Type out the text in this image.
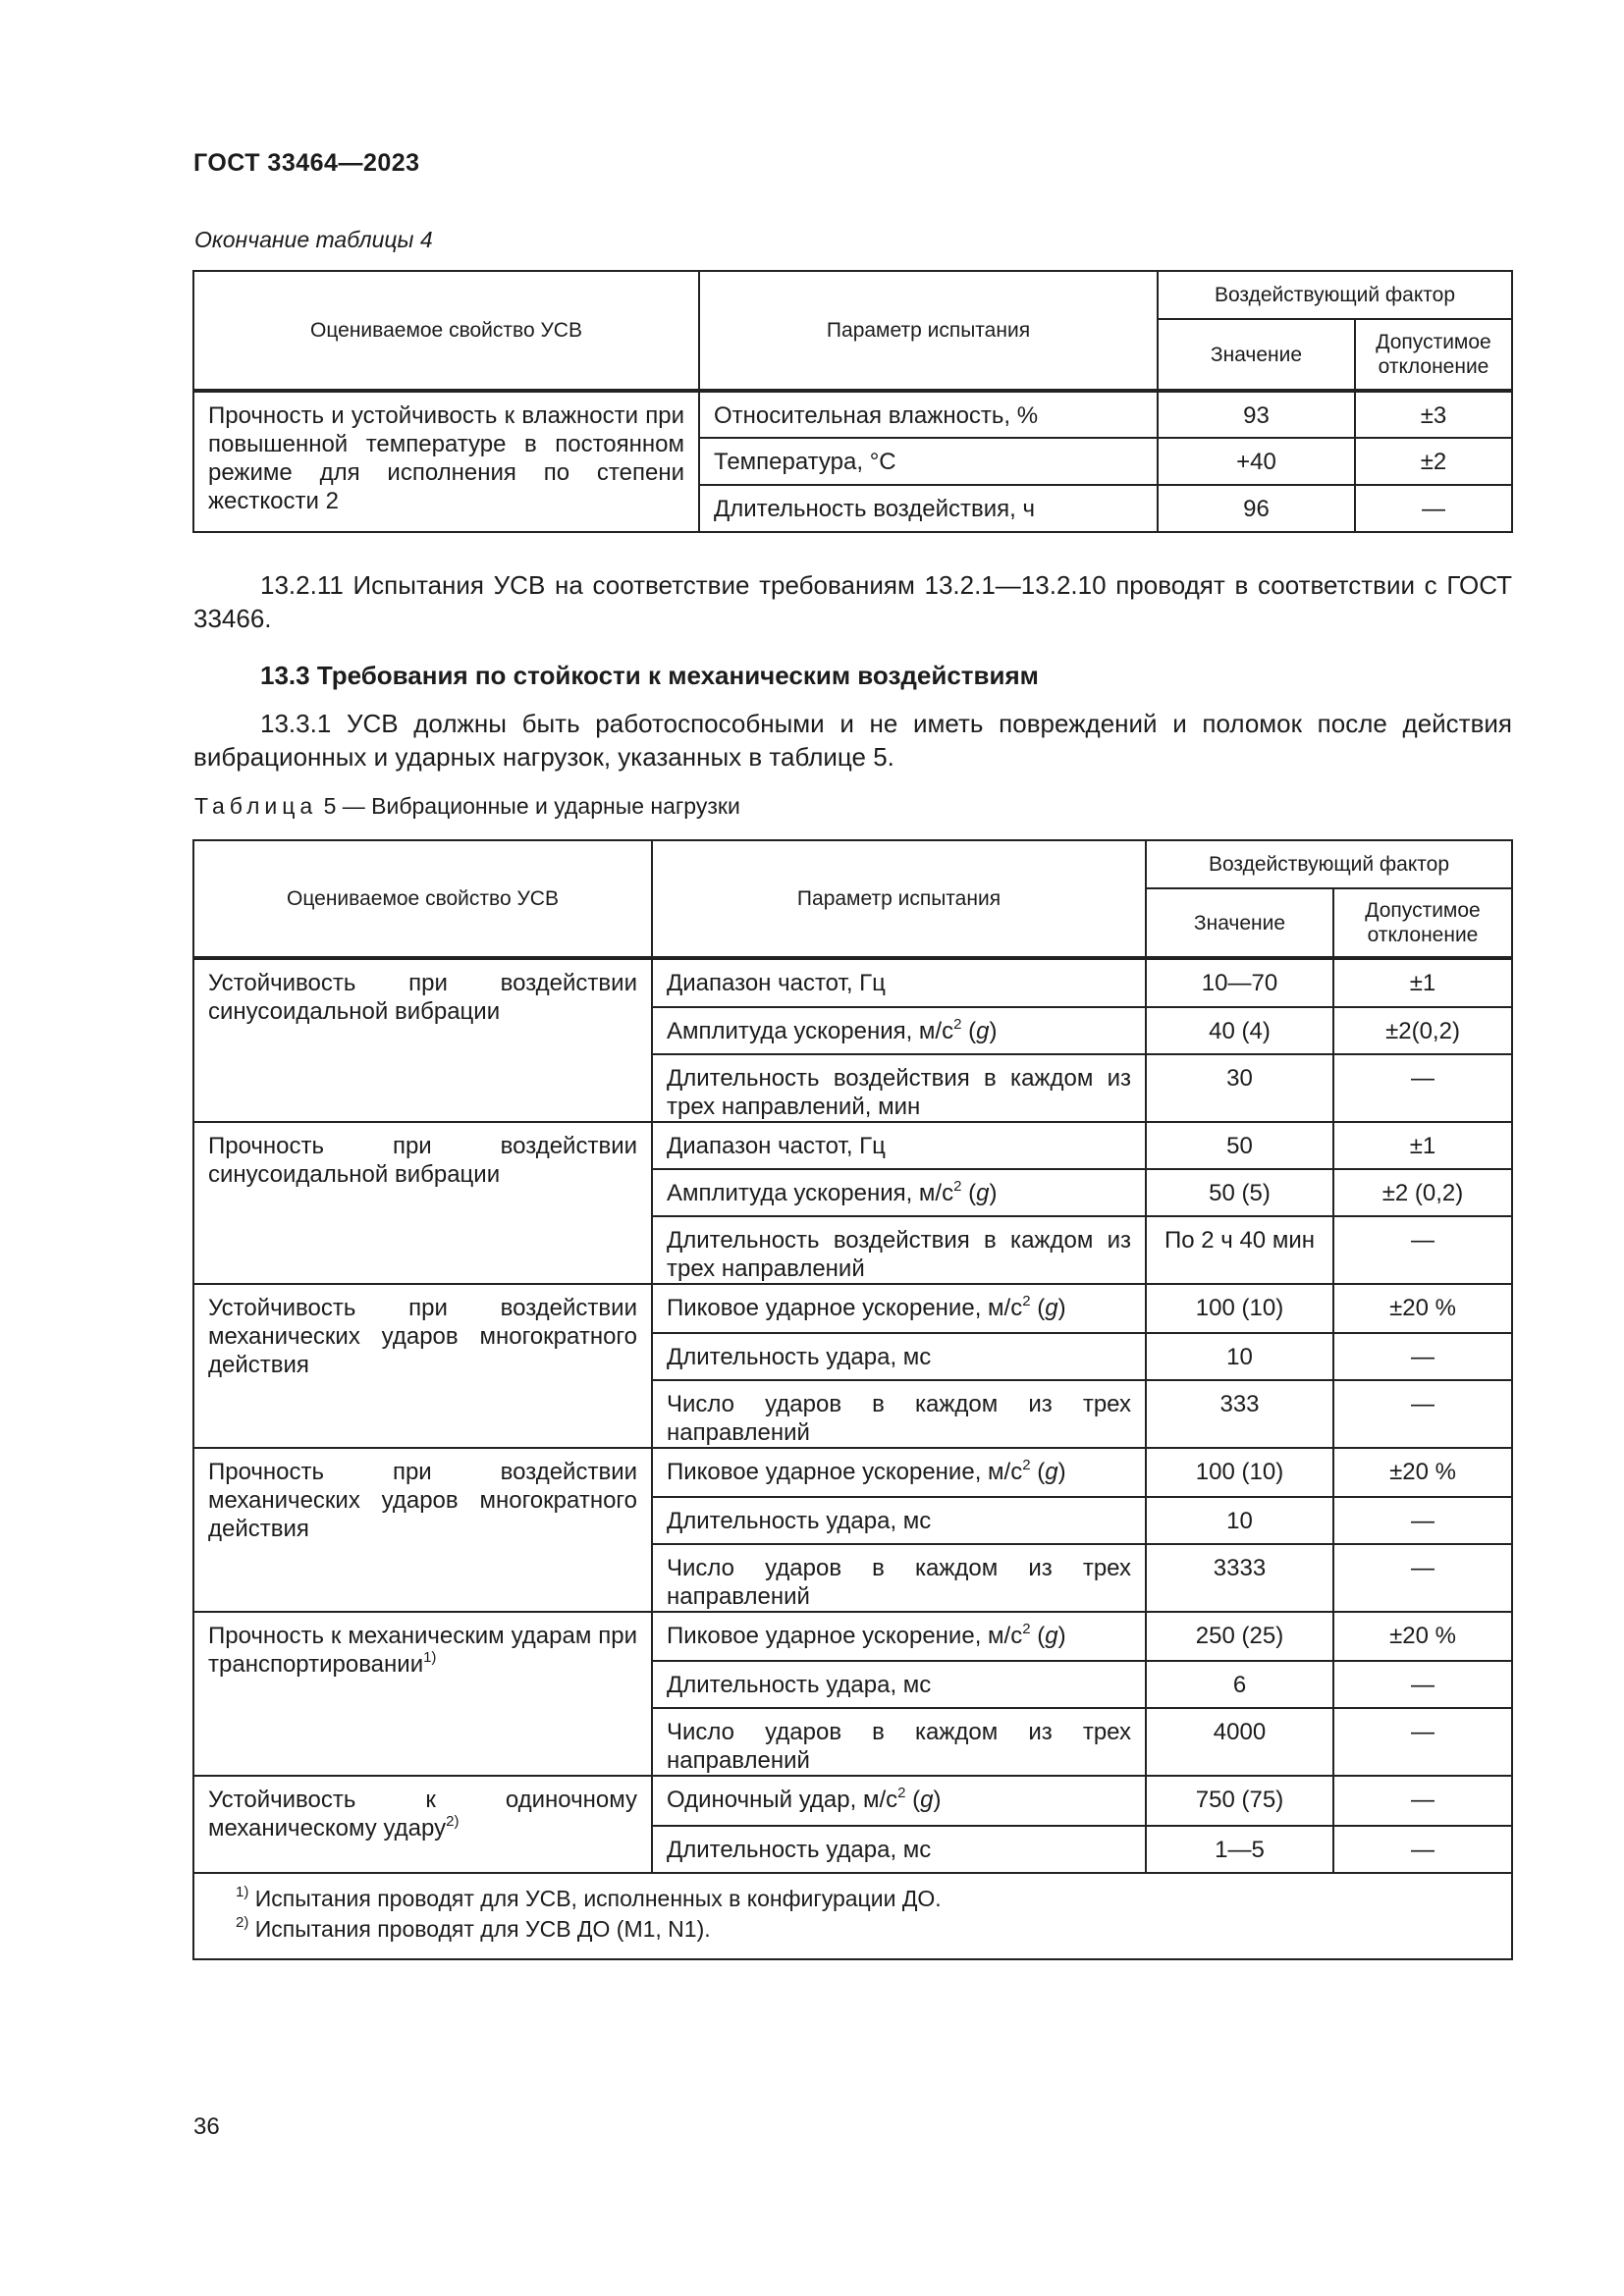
ГОСТ 33464—2023
Окончание таблицы 4
Оцениваемое свойство УСВ	Параметр испытания	Воздействующий фактор	
		Значение	Допустимое отклонение
Прочность и устойчивость к влажности при повышенной температуре в постоянном режиме для исполнения по степени жесткости 2	Относительная влажность, %	93	±3
	Температура, °С	+40	±2
	Длительность воздействия, ч	96	—
13.2.11 Испытания УСВ на соответствие требованиям 13.2.1—13.2.10 проводят в соответствии с ГОСТ 33466.
13.3 Требования по стойкости к механическим воздействиям
13.3.1 УСВ должны быть работоспособными и не иметь повреждений и поломок после действия вибрационных и ударных нагрузок, указанных в таблице 5.
Таблица 5 — Вибрационные и ударные нагрузки
Оцениваемое свойство УСВ	Параметр испытания	Воздействующий фактор	
		Значение	Допустимое отклонение
Устойчивость при воздействии синусоидальной вибрации	Диапазон частот, Гц	10—70	±1
	Амплитуда ускорения, $м/с^2$ (g)	40 (4)	±2(0,2)
	Длительность воздействия в каждом из трех направлений, мин	30	—
Прочность при воздействии синусоидальной вибрации	Диапазон частот, Гц	50	±1
	Амплитуда ускорения, $м/с^2$ (g)	50 (5)	±2 (0,2)
	Длительность воздействия в каждом из трех направлений	По 2 ч 40 мин	—
Устойчивость при воздействии механических ударов многократного действия	Пиковое ударное ускорение, $м/с^2$ (g)	100 (10)	±20 %
	Длительность удара, мс	10	—
	Число ударов в каждом из трех направлений	333	—
Прочность при воздействии механических ударов многократного действия	Пиковое ударное ускорение, $м/с^2$ (g)	100 (10)	±20 %
	Длительность удара, мс	10	—
	Число ударов в каждом из трех направлений	3333	—
Прочность к механическим ударам при транспортировании$^{1)}$	Пиковое ударное ускорение, $м/с^2$ (g)	250 (25)	±20 %
	Длительность удара, мс	6	—
	Число ударов в каждом из трех направлений	4000	—
Устойчивость к одиночному механическому удару$^{2)}$	Одиночный удар, $м/с^2$ (g)	750 (75)	—
	Длительность удара, мс	1—5	—

$^{1)}$ Испытания проводят для УСВ, исполненных в конфигурации ДО.
$^{2)}$ Испытания проводят для УСВ ДО (M1, N1).			
36
